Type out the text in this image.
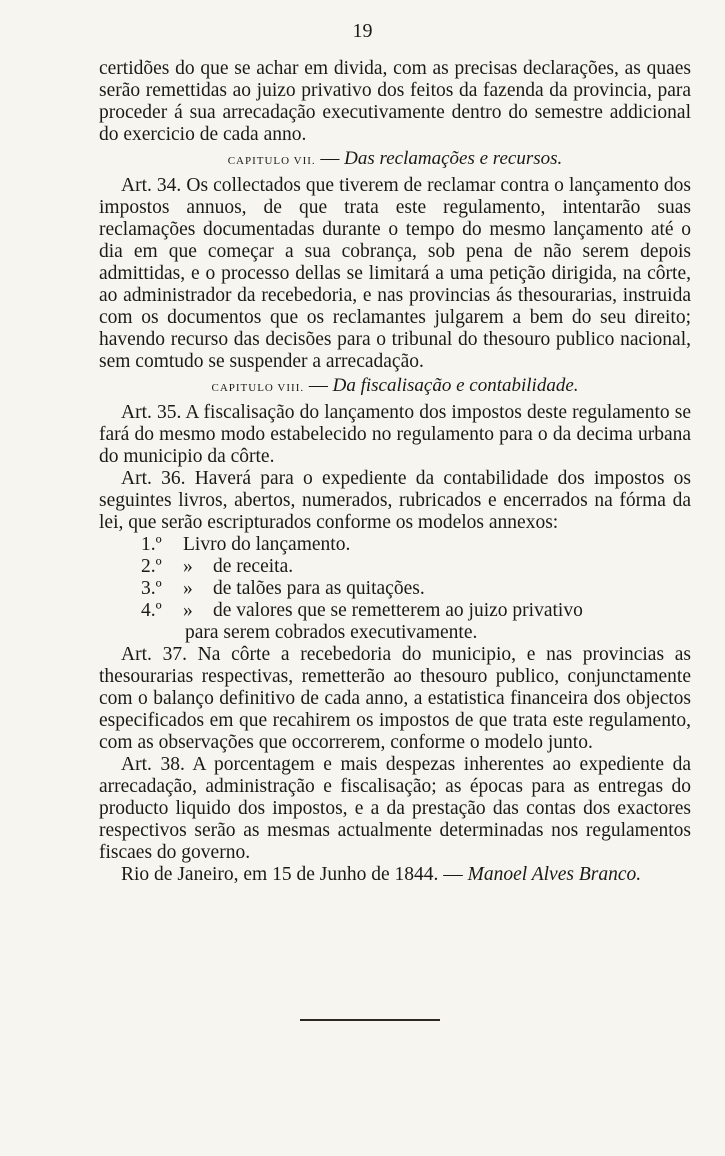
19

certidões do que se achar em divida, com as precisas declarações, as quaes serão remettidas ao juizo privativo dos feitos da fazenda da provincia, para proceder á sua arrecadação executivamente dentro do semestre addicional do exercicio de cada anno.

CAPITULO VII. — Das reclamações e recursos.

Art. 34. Os collectados que tiverem de reclamar contra o lançamento dos impostos annuos, de que trata este regulamento, intentarão suas reclamações documentadas durante o tempo do mesmo lançamento até o dia em que começar a sua cobrança, sob pena de não serem depois admittidas, e o processo dellas se limitará a uma petição dirigida, na côrte, ao administrador da recebedoria, e nas provincias ás thesourarias, instruida com os documentos que os reclamantes julgarem a bem do seu direito; havendo recurso das decisões para o tribunal do thesouro publico nacional, sem comtudo se suspender a arrecadação.

CAPITULO VIII. — Da fiscalisação e contabilidade.

Art. 35. A fiscalisação do lançamento dos impostos deste regulamento se fará do mesmo modo estabelecido no regulamento para o da decima urbana do municipio da côrte.

Art. 36. Haverá para o expediente da contabilidade dos impostos os seguintes livros, abertos, numerados, rubricados e encerrados na fórma da lei, que serão escripturados conforme os modelos annexos:

1.º	Livro do lançamento.
2.º	»	de receita.
3.º	»	de talões para as quitações.
4.º	»	de valores que se remetterem ao juizo privativo
para serem cobrados executivamente.

Art. 37. Na côrte a recebedoria do municipio, e nas provincias as thesourarias respectivas, remetterão ao thesouro publico, conjunctamente com o balanço definitivo de cada anno, a estatistica financeira dos objectos especificados em que recahirem os impostos de que trata este regulamento, com as observações que occorrerem, conforme o modelo junto.

Art. 38. A porcentagem e mais despezas inherentes ao expediente da arrecadação, administração e fiscalisação; as épocas para as entregas do producto liquido dos impostos, e a da prestação das contas dos exactores respectivos serão as mesmas actualmente determinadas nos regulamentos fiscaes do governo.

Rio de Janeiro, em 15 de Junho de 1844. — Manoel Alves Branco.
